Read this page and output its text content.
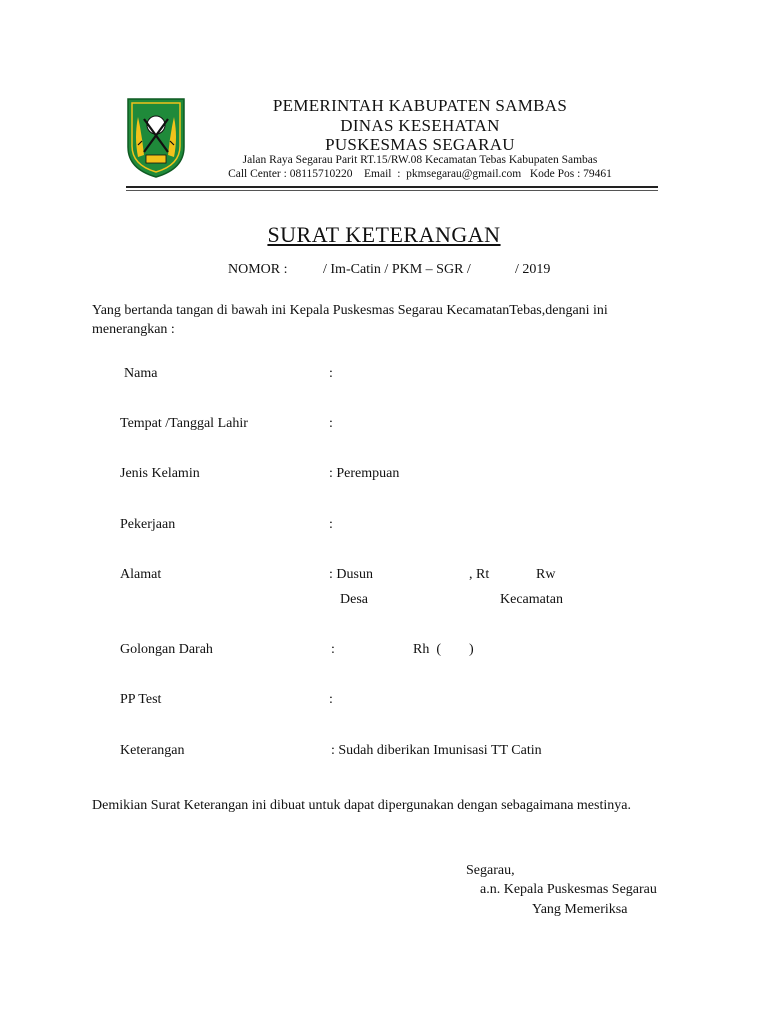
PEMERINTAH KABUPATEN SAMBAS
DINAS KESEHATAN
PUSKESMAS SEGARAU
Jalan Raya Segarau Parit RT.15/RW.08 Kecamatan Tebas Kabupaten Sambas
Call Center : 08115710220    Email  :  pkmsegarau@gmail.com   Kode Pos : 79461
SURAT KETERANGAN
NOMOR :	/ Im-Catin / PKM – SGR /	/ 2019
Yang bertanda tangan di bawah ini Kepala Puskesmas Segarau KecamatanTebas,dengani ini menerangkan :
Nama	:
Tempat /Tanggal Lahir	:
Jenis Kelamin	: Perempuan
Pekerjaan	:
Alamat	: Dusun	, Rt	Rw
Desa	Kecamatan
Golongan Darah	:	Rh  (        )
PP Test	:
Keterangan	: Sudah diberikan Imunisasi TT Catin
Demikian Surat Keterangan ini dibuat untuk dapat dipergunakan dengan sebagaimana mestinya.
Segarau,
a.n. Kepala Puskesmas Segarau
Yang Memeriksa
